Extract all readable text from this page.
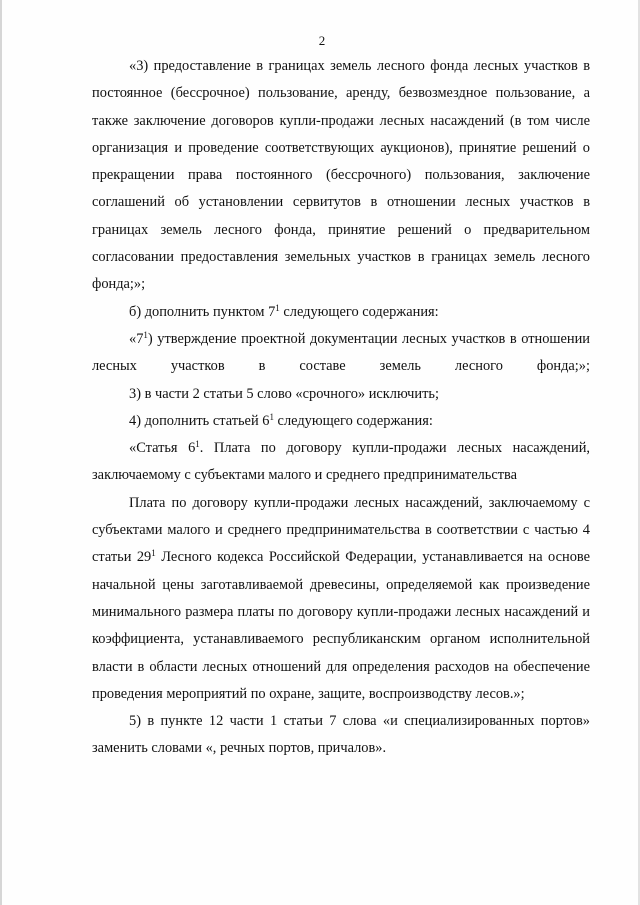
2

«3) предоставление в границах земель лесного фонда лесных участков в постоянное (бессрочное) пользование, аренду, безвозмездное пользование, а также заключение договоров купли-продажи лесных насаждений (в том числе организация и проведение соответствующих аукционов), принятие решений о прекращении права постоянного (бессрочного) пользования, заключение соглашений об установлении сервитутов в отношении лесных участков в границах земель лесного фонда, принятие решений о предварительном согласовании предоставления земельных участков в границах земель лесного фонда;»;

б) дополнить пунктом $7^1$ следующего содержания:

«$7^1$) утверждение проектной документации лесных участков в отношении лесных участков в составе земель лесного фонда;»;

3) в части 2 статьи 5 слово «срочного» исключить;

4) дополнить статьей $6^1$ следующего содержания:

«Статья $6^1$. Плата по договору купли-продажи лесных насаждений, заключаемому с субъектами малого и среднего предпринимательства

Плата по договору купли-продажи лесных насаждений, заключаемому с субъектами малого и среднего предпринимательства в соответствии с частью 4 статьи $29^1$ Лесного кодекса Российской Федерации, устанавливается на основе начальной цены заготавливаемой древесины, определяемой как произведение минимального размера платы по договору купли-продажи лесных насаждений и коэффициента, устанавливаемого республиканским органом исполнительной власти в области лесных отношений для определения расходов на обеспечение проведения мероприятий по охране, защите, воспроизводству лесов.»;

5) в пункте 12 части 1 статьи 7 слова «и специализированных портов» заменить словами «, речных портов, причалов».
